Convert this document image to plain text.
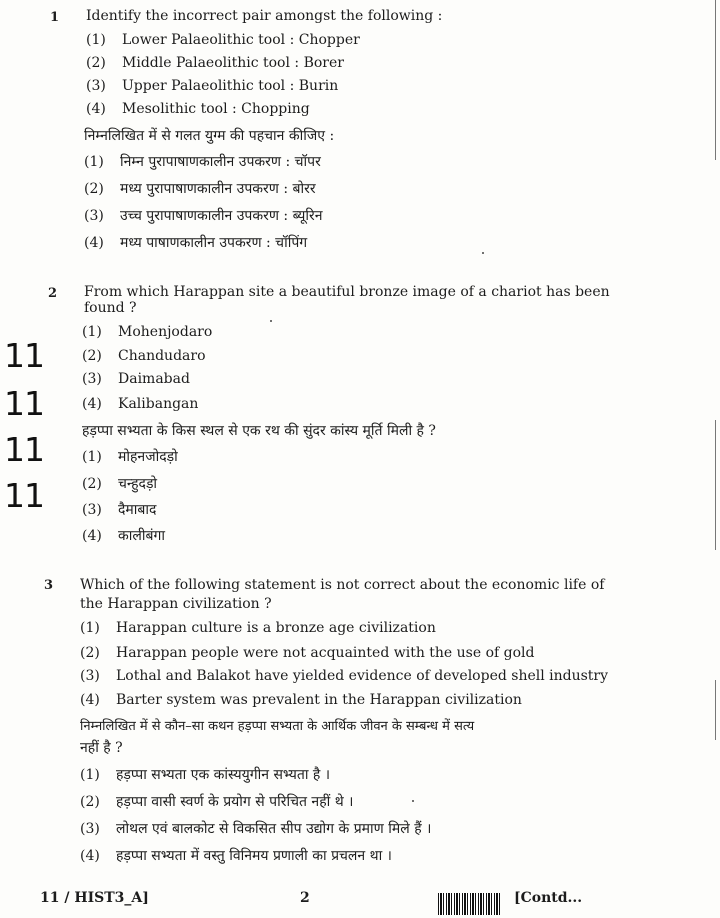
1 Identify the incorrect pair amongst the following :
(1) Lower Palaeolithic tool : Chopper
(2) Middle Palaeolithic tool : Borer
(3) Upper Palaeolithic tool : Burin
(4) Mesolithic tool : Chopping
निम्नलिखित में से गलत युग्म की पहचान कीजिए :
(1) निम्न पुरापाषाणकालीन उपकरण : चॉपर
(2) मध्य पुरापाषाणकालीन उपकरण : बोरर
(3) उच्च पुरापाषाणकालीन उपकरण : ब्यूरिन
(4) मध्य पाषाणकालीन उपकरण : चॉपिंग
2 From which Harappan site a beautiful bronze image of a chariot has been
found ?
(1) Mohenjodaro
(2) Chandudaro
(3) Daimabad
(4) Kalibangan
हड़प्पा सभ्यता के किस स्थल से एक रथ की सुंदर कांस्य मूर्ति मिली है ?
(1) मोहनजोदड़ो
(2) चन्हुदड़ो
(3) दैमाबाद
(4) कालीबंगा
3 Which of the following statement is not correct about the economic life of
the Harappan civilization ?
(1) Harappan culture is a bronze age civilization
(2) Harappan people were not acquainted with the use of gold
(3) Lothal and Balakot have yielded evidence of developed shell industry
(4) Barter system was prevalent in the Harappan civilization
निम्नलिखित में से कौन–सा कथन हड़प्पा सभ्यता के आर्थिक जीवन के सम्बन्ध में सत्य
नहीं है ?
(1) हड़प्पा सभ्यता एक कांस्ययुगीन सभ्यता है ।
(2) हड़प्पा वासी स्वर्ण के प्रयोग से परिचित नहीं थे ।
(3) लोथल एवं बालकोट से विकसित सीप उद्योग के प्रमाण मिले हैं ।
(4) हड़प्पा सभ्यता में वस्तु विनिमय प्रणाली का प्रचलन था ।
11
11
11
11
11 / HIST3_A]	2	[Contd...
